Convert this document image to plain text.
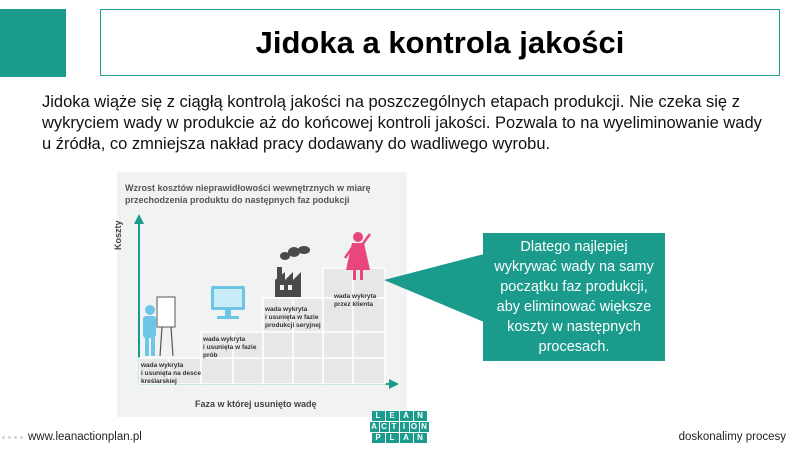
Jidoka a kontrola jakości

Jidoka wiąże się z ciągłą kontrolą jakości na poszczególnych etapach produkcji. Nie czeka się z wykryciem wady w produkcie aż do końcowej kontroli jakości. Pozwala to na wyeliminowanie wady u źródła, co zmniejsza nakład pracy dodawany do wadliwego wyrobu.

Wzrost kosztów nieprawidłowości wewnętrznych w miarę przechodzenia produktu do następnych faz podukcji
Koszty
Faza w której usunięto wadę
wada wykryta
i usunięta na desce
kreślarskiej
wada wykryta
i usunięta w fazie
prób
wada wykryta
i usunięta w fazie
produkcji seryjnej
wada wykryta
przez klienta
Dlatego najlepiej
wykrywać wady na samy
początku faz produkcji,
aby eliminować większe
koszty w następnych
procesach.
www.leanactionplan.pl
L	E	A	N
A C T I O N
P	L	A	N	doskonalimy procesy
